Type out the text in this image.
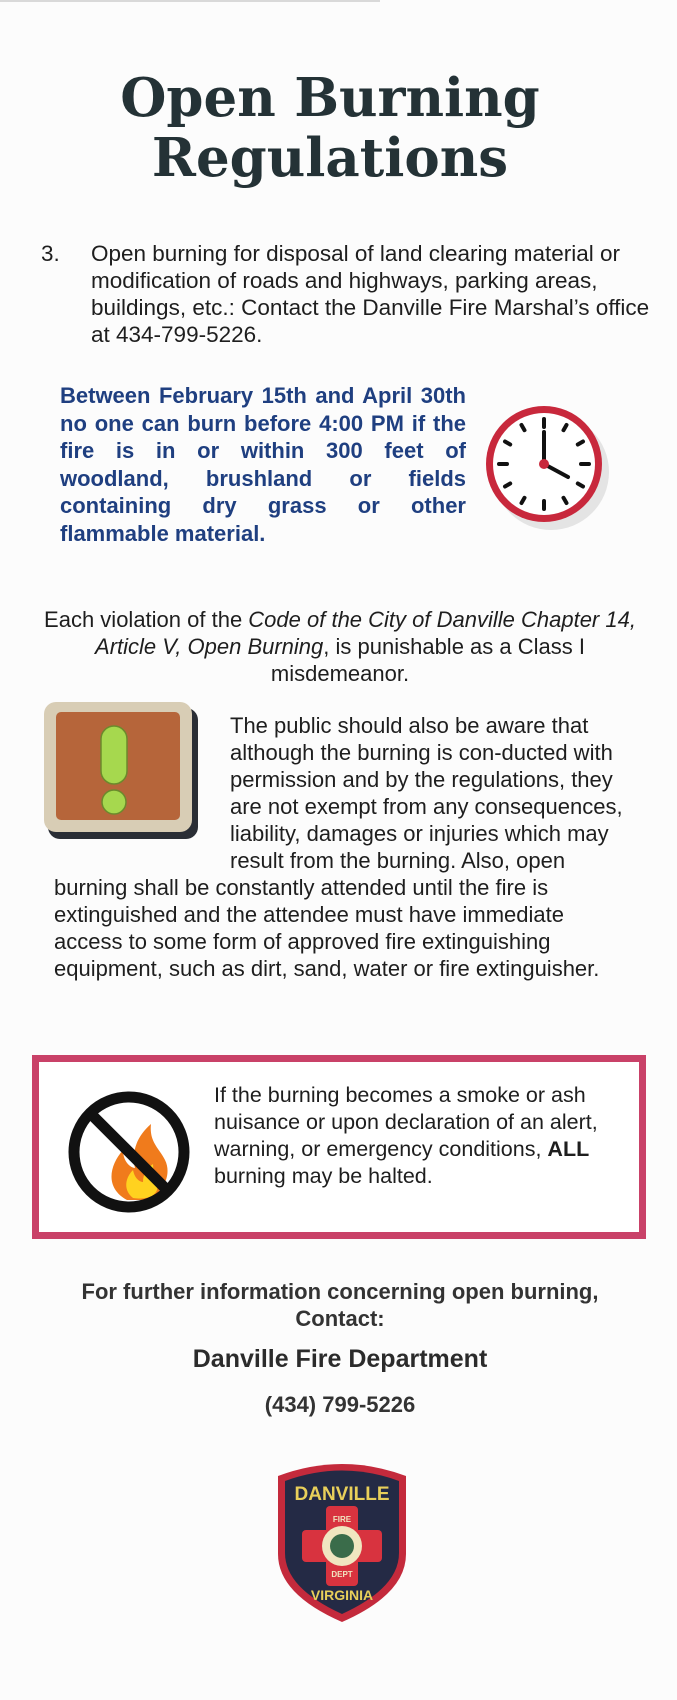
Open Burning
Regulations
3. Open burning for disposal of land clearing material or modification of roads and highways, parking areas, buildings, etc.: Contact the Danville Fire Marshal’s office at 434-799-5226.
Between February 15th and April 30th no one can burn before 4:00 PM if the fire is in or within 300 feet of woodland, brushland or fields containing dry grass or other flammable material.
Each violation of the Code of the City of Danville Chapter 14, Article V, Open Burning, is punishable as a Class I misdemeanor.

The public should also be aware that although the burning is con-ducted with permission and by the regulations, they are not exempt from any consequences, liability, damages or injuries which may result from the burning. Also, open burning shall be constantly attended until the fire is extinguished and the attendee must have immediate access to some form of approved fire extinguishing equipment, such as dirt, sand, water or fire extinguisher.

If the burning becomes a smoke or ash nuisance or upon declaration of an alert, warning, or emergency conditions, ALL burning may be halted.
For further information concerning open burning,
Contact:
Danville Fire Department
(434) 799-5226
DANVILLE
FIRE
DEPT
VIRGINIA
